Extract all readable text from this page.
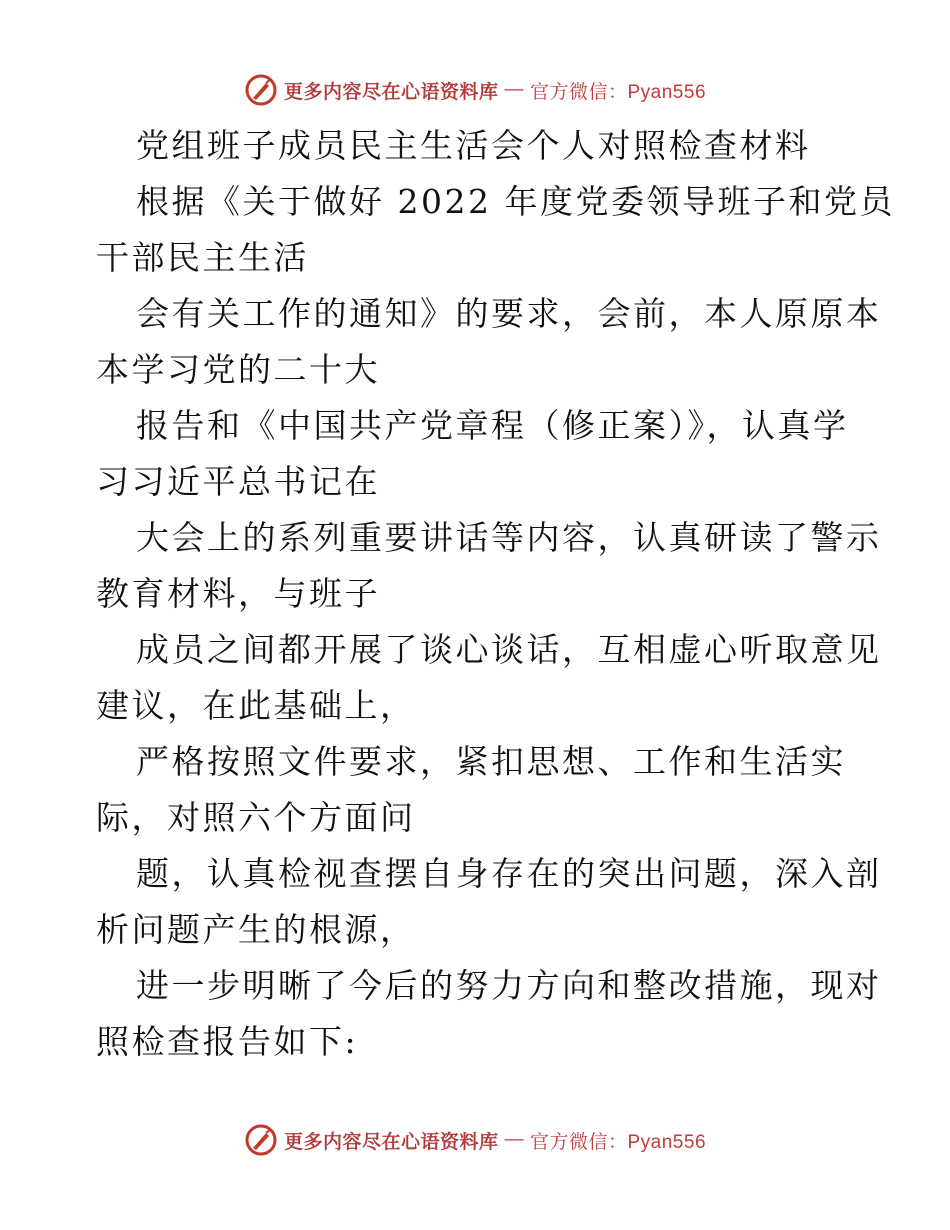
更多内容尽在心语资料库 — 官方微信：Pyan556
党组班子成员民主生活会个人对照检查材料
根据《关于做好 2022 年度党委领导班子和党员
干部民主生活
会有关工作的通知》的要求，会前，本人原原本
本学习党的二十大
报告和《中国共产党章程（修正案）》，认真学
习习近平总书记在
大会上的系列重要讲话等内容，认真研读了警示
教育材料，与班子
成员之间都开展了谈心谈话，互相虚心听取意见
建议，在此基础上，
严格按照文件要求，紧扣思想、工作和生活实
际，对照六个方面问
题，认真检视查摆自身存在的突出问题，深入剖
析问题产生的根源，
进一步明晰了今后的努力方向和整改措施，现对
照检查报告如下:
更多内容尽在心语资料库 — 官方微信：Pyan556
